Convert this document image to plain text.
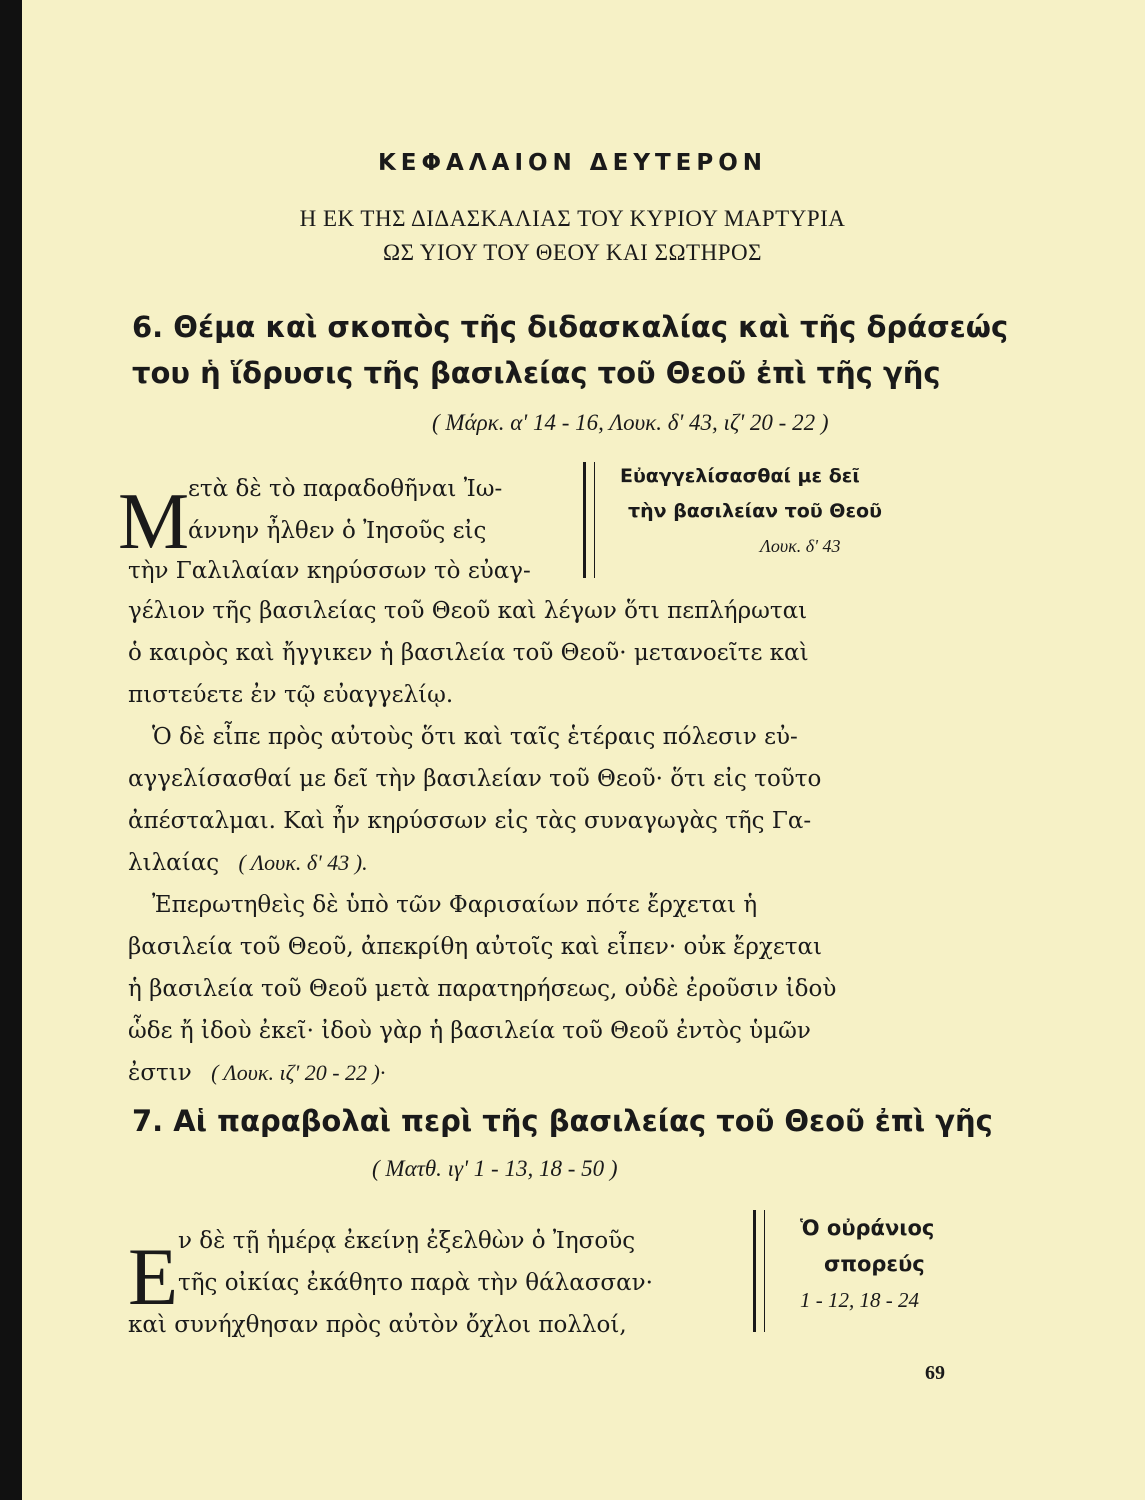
ΚΕΦΑΛΑΙΟΝ ΔΕΥΤΕΡΟΝ
Η ΕΚ ΤΗΣ ΔΙΔΑΣΚΑΛΙΑΣ ΤΟΥ ΚΥΡΙΟΥ ΜΑΡΤΥΡΙΑ
ΩΣ ΥΙΟΥ ΤΟΥ ΘΕΟΥ ΚΑΙ ΣΩΤΗΡΟΣ
6. Θέμα καὶ σκοπὸς τῆς διδασκαλίας καὶ τῆς δράσεώς
του ἡ ἵδρυσις τῆς βασιλείας τοῦ Θεοῦ ἐπὶ τῆς γῆς
( Μάρκ. α' 14 - 16, Λουκ. δ' 43, ιζ' 20 - 22 )
Μ
ετὰ δὲ τὸ παραδοθῆναι Ἰω-
άννην ἦλθεν ὁ Ἰησοῦς εἰς
τὴν Γαλιλαίαν κηρύσσων τὸ εὐαγ-
Εὐαγγελίσασθαί με δεῖ
τὴν βασιλείαν τοῦ Θεοῦ
Λουκ. δ' 43
γέλιον τῆς βασιλείας τοῦ Θεοῦ καὶ λέγων ὅτι πεπλήρωται
ὁ καιρὸς καὶ ἤγγικεν ἡ βασιλεία τοῦ Θεοῦ· μετανοεῖτε καὶ
πιστεύετε ἐν τῷ εὐαγγελίῳ.
Ὁ δὲ εἶπε πρὸς αὐτοὺς ὅτι καὶ ταῖς ἑτέραις πόλεσιν εὐ-
αγγελίσασθαί με δεῖ τὴν βασιλείαν τοῦ Θεοῦ· ὅτι εἰς τοῦτο
ἀπέσταλμαι. Καὶ ἦν κηρύσσων εἰς τὰς συναγωγὰς τῆς Γα-
λιλαίας ( Λουκ. δ' 43 ).
Ἐπερωτηθεὶς δὲ ὑπὸ τῶν Φαρισαίων πότε ἔρχεται ἡ
βασιλεία τοῦ Θεοῦ, ἀπεκρίθη αὐτοῖς καὶ εἶπεν· οὐκ ἔρχεται
ἡ βασιλεία τοῦ Θεοῦ μετὰ παρατηρήσεως, οὐδὲ ἐροῦσιν ἰδοὺ
ὧδε ἤ ἰδοὺ ἐκεῖ· ἰδοὺ γὰρ ἡ βασιλεία τοῦ Θεοῦ ἐντὸς ὑμῶν
ἐστιν ( Λουκ. ιζ' 20 - 22 )·
7. Αἱ παραβολαὶ περὶ τῆς βασιλείας τοῦ Θεοῦ ἐπὶ γῆς
( Ματθ. ιγ' 1 - 13, 18 - 50 )
Ε ν δὲ τῇ ἡμέρᾳ ἐκείνῃ ἐξελθὼν ὁ Ἰησοῦς
τῆς οἰκίας ἐκάθητο παρὰ τὴν θάλασσαν·
καὶ συνήχθησαν πρὸς αὐτὸν ὄχλοι πολλοί,
Ὁ οὐράνιος
σπορεύς
1 - 12, 18 - 24
69
